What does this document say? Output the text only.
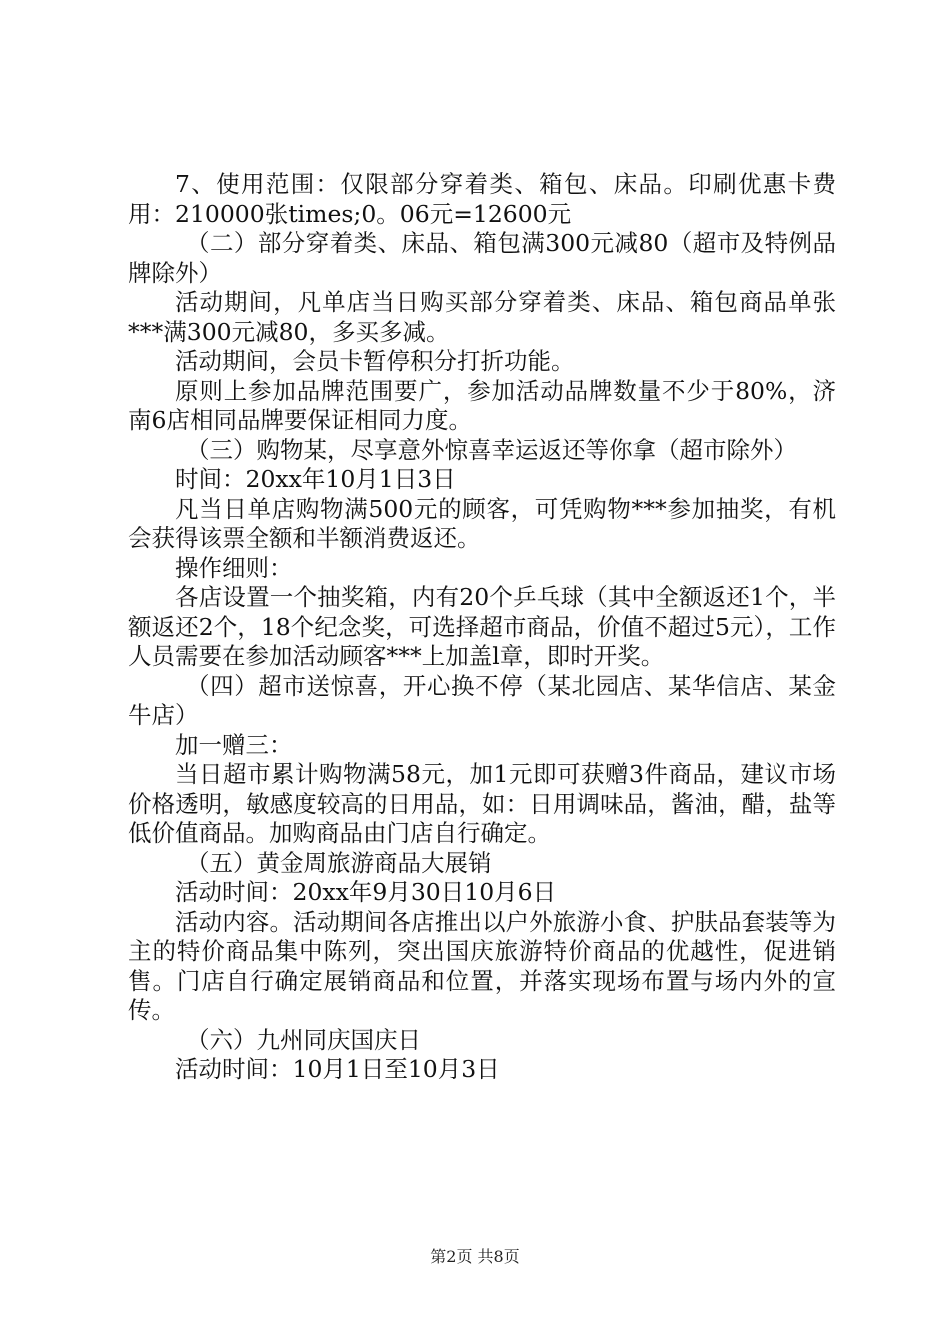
7、使用范围：仅限部分穿着类、箱包、床品。印刷优惠卡费用：210000张times;0。06元=12600元

（二）部分穿着类、床品、箱包满300元减80（超市及特例品牌除外）

活动期间，凡单店当日购买部分穿着类、床品、箱包商品单张***满300元减80，多买多减。

活动期间，会员卡暂停积分打折功能。

原则上参加品牌范围要广，参加活动品牌数量不少于80%，济南6店相同品牌要保证相同力度。

（三）购物某，尽享意外惊喜幸运返还等你拿（超市除外）

时间：20xx年10月1日3日

凡当日单店购物满500元的顾客，可凭购物***参加抽奖，有机会获得该票全额和半额消费返还。

操作细则：

各店设置一个抽奖箱，内有20个乒乓球（其中全额返还1个，半额返还2个，18个纪念奖，可选择超市商品，价值不超过5元），工作人员需要在参加活动顾客***上加盖l章，即时开奖。

（四）超市送惊喜，开心换不停（某北园店、某华信店、某金牛店）

加一赠三：

当日超市累计购物满58元，加1元即可获赠3件商品，建议市场价格透明，敏感度较高的日用品，如：日用调味品，酱油，醋，盐等低价值商品。加购商品由门店自行确定。

（五）黄金周旅游商品大展销

活动时间：20xx年9月30日10月6日

活动内容。活动期间各店推出以户外旅游小食、护肤品套装等为主的特价商品集中陈列，突出国庆旅游特价商品的优越性，促进销售。门店自行确定展销商品和位置，并落实现场布置与场内外的宣传。

（六）九州同庆国庆日

活动时间：10月1日至10月3日

第2页 共8页
